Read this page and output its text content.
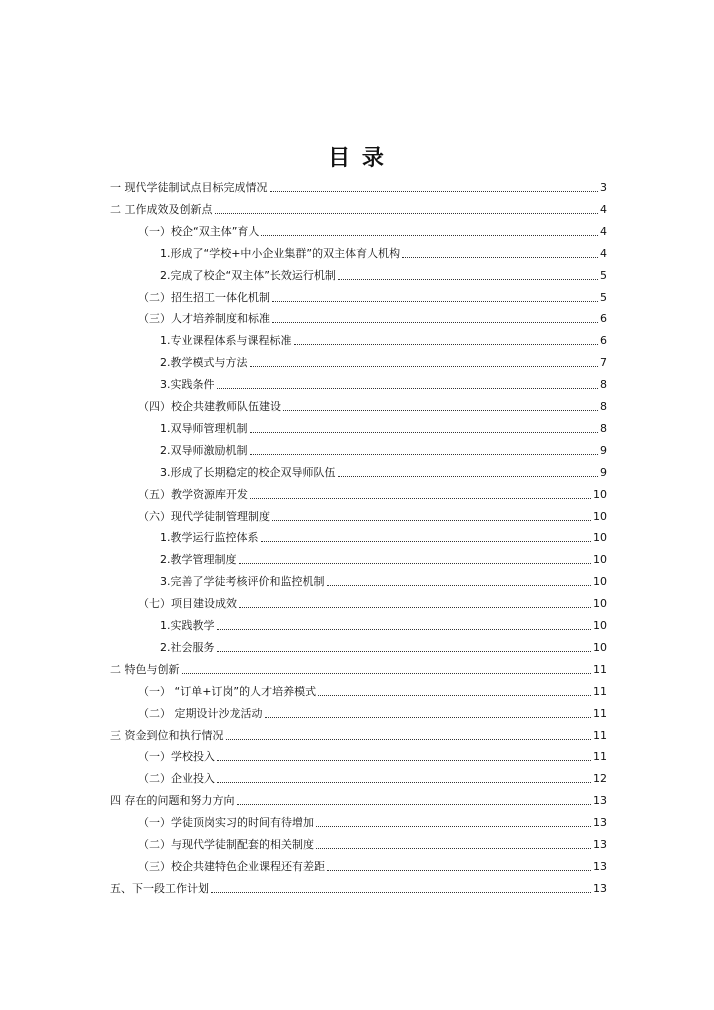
目 录
一 现代学徒制试点目标完成情况	3
二 工作成效及创新点	4
（一）校企“双主体”育人	4
1.形成了“学校+中小企业集群”的双主体育人机构	4
2.完成了校企“双主体”长效运行机制	5
（二）招生招工一体化机制	5
（三）人才培养制度和标准	6
1.专业课程体系与课程标准	6
2.教学模式与方法	7
3.实践条件	8
（四）校企共建教师队伍建设	8
1.双导师管理机制	8
2.双导师激励机制	9
3.形成了长期稳定的校企双导师队伍	9
（五）教学资源库开发	10
（六）现代学徒制管理制度	10
1.教学运行监控体系	10
2.教学管理制度	10
3.完善了学徒考核评价和监控机制	10
（七）项目建设成效	10
1.实践教学	10
2.社会服务	10
二 特色与创新	11
（一） “订单+订岗”的人才培养模式	11
（二） 定期设计沙龙活动	11
三 资金到位和执行情况	11
（一）学校投入	11
（二）企业投入	12
四 存在的问题和努力方向	13
（一）学徒顶岗实习的时间有待增加	13
（二）与现代学徒制配套的相关制度	13
（三）校企共建特色企业课程还有差距	13
五、下一段工作计划	13
